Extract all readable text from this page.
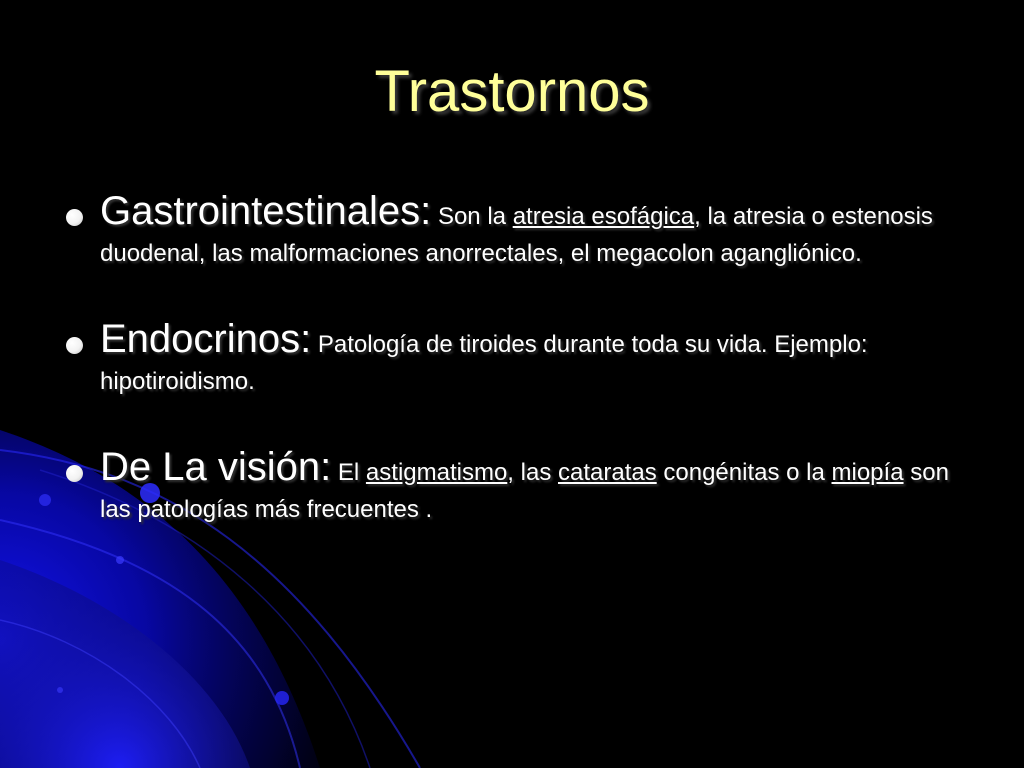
Trastornos
Gastrointestinales: Son la atresia esofágica, la atresia o estenosis duodenal, las malformaciones anorrectales, el megacolon agangliónico.
Endocrinos: Patología de tiroides durante toda su vida. Ejemplo: hipotiroidismo.
De La visión: El astigmatismo, las cataratas congénitas o la miopía son las patologías más frecuentes .
